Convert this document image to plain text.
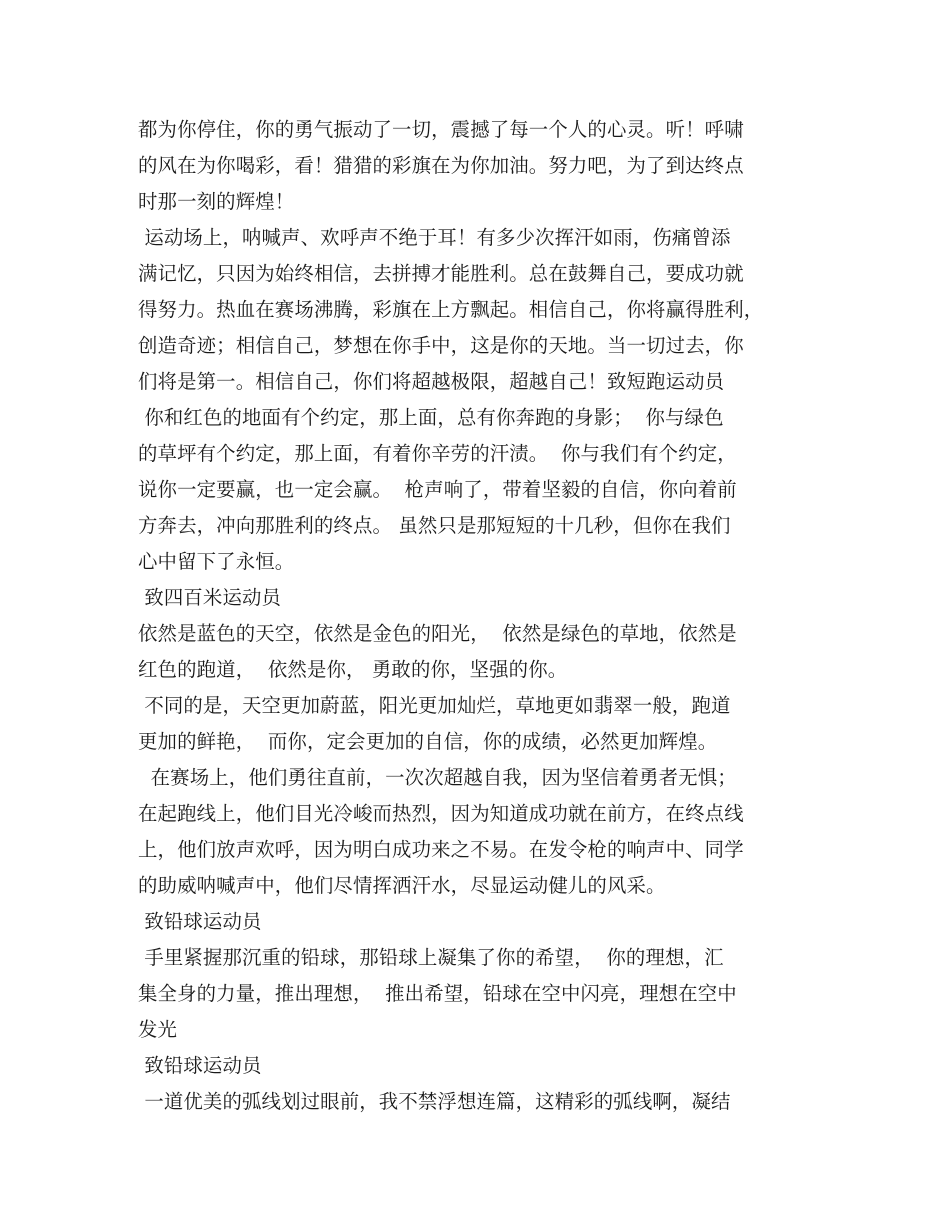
都为你停住，你的勇气振动了一切，震撼了每一个人的心灵。听！呼啸
的风在为你喝彩，看！猎猎的彩旗在为你加油。努力吧，为了到达终点
时那一刻的辉煌！
运动场上，呐喊声、欢呼声不绝于耳！有多少次挥汗如雨，伤痛曾添
满记忆，只因为始终相信，去拼搏才能胜利。总在鼓舞自己，要成功就
得努力。热血在赛场沸腾，彩旗在上方飘起。相信自己，你将赢得胜利，
创造奇迹；相信自己，梦想在你手中，这是你的天地。当一切过去，你
们将是第一。相信自己，你们将超越极限，超越自己！致短跑运动员
你和红色的地面有个约定，那上面，总有你奔跑的身影；  你与绿色
的草坪有个约定，那上面，有着你辛劳的汗渍。  你与我们有个约定，
说你一定要赢，也一定会赢。  枪声响了，带着坚毅的自信，你向着前
方奔去，冲向那胜利的终点。 虽然只是那短短的十几秒，但你在我们
心中留下了永恒。
致四百米运动员
依然是蓝色的天空，依然是金色的阳光，  依然是绿色的草地，依然是
红色的跑道，  依然是你， 勇敢的你，坚强的你。
不同的是，天空更加蔚蓝，阳光更加灿烂，草地更如翡翠一般，跑道
更加的鲜艳，  而你，定会更加的自信，你的成绩，必然更加辉煌。
在赛场上，他们勇往直前，一次次超越自我，因为坚信着勇者无惧；
在起跑线上，他们目光冷峻而热烈，因为知道成功就在前方，在终点线
上，他们放声欢呼，因为明白成功来之不易。在发令枪的响声中、同学
的助威呐喊声中，他们尽情挥洒汗水，尽显运动健儿的风采。
致铅球运动员
手里紧握那沉重的铅球，那铅球上凝集了你的希望，  你的理想，汇
集全身的力量，推出理想，  推出希望，铅球在空中闪亮，理想在空中
发光
致铅球运动员
一道优美的弧线划过眼前，我不禁浮想连篇，这精彩的弧线啊，凝结
